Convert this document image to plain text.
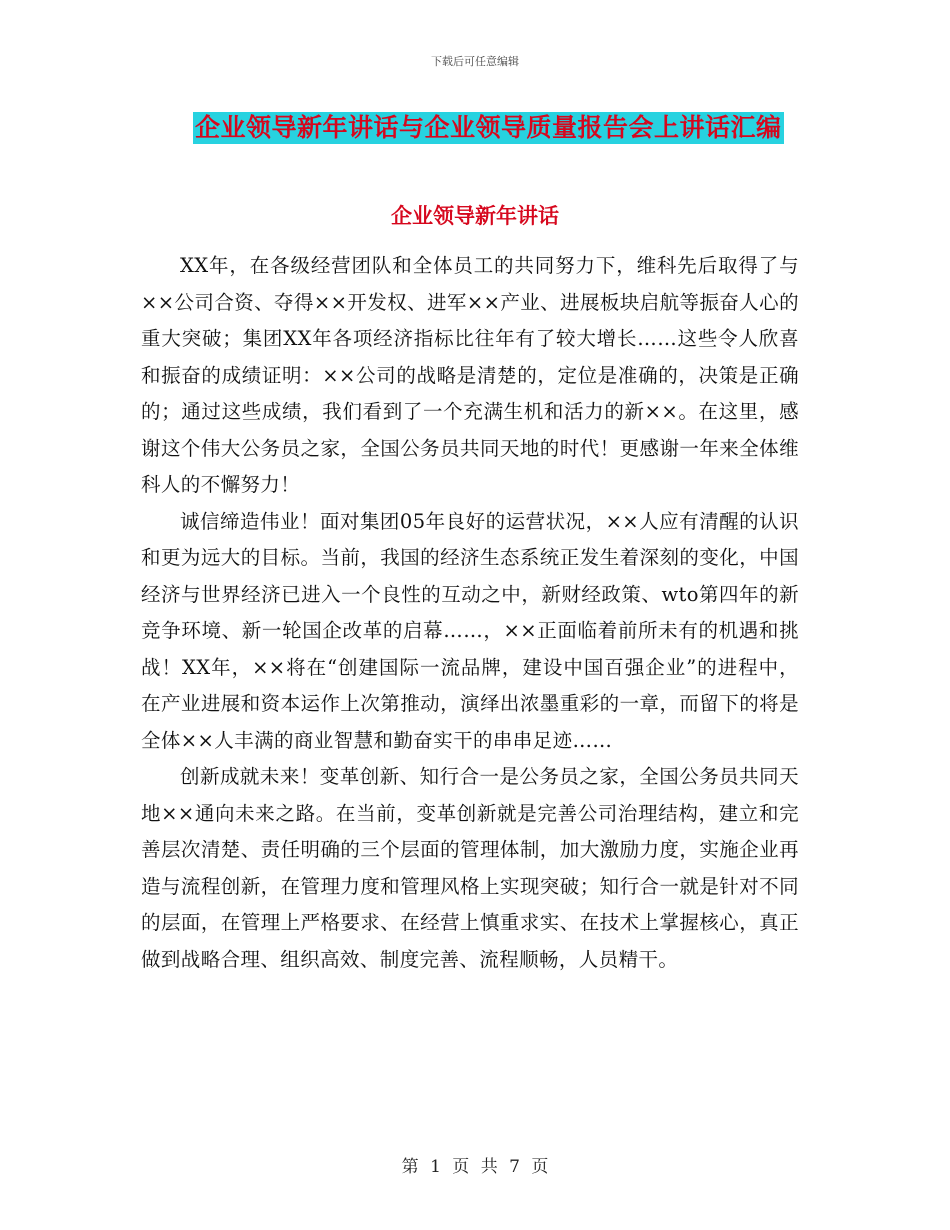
下载后可任意编辑
企业领导新年讲话与企业领导质量报告会上讲话汇编
企业领导新年讲话

XX年，在各级经营团队和全体员工的共同努力下，维科先后取得了与××公司合资、夺得××开发权、进军××产业、进展板块启航等振奋人心的重大突破；集团XX年各项经济指标比往年有了较大增长……这些令人欣喜和振奋的成绩证明：××公司的战略是清楚的，定位是准确的，决策是正确的；通过这些成绩，我们看到了一个充满生机和活力的新××。在这里，感谢这个伟大公务员之家，全国公务员共同天地的时代！更感谢一年来全体维科人的不懈努力！

诚信缔造伟业！面对集团05年良好的运营状况，××人应有清醒的认识和更为远大的目标。当前，我国的经济生态系统正发生着深刻的变化，中国经济与世界经济已进入一个良性的互动之中，新财经政策、wto第四年的新竞争环境、新一轮国企改革的启幕……，××正面临着前所未有的机遇和挑战！XX年，××将在“创建国际一流品牌，建设中国百强企业”的进程中，在产业进展和资本运作上次第推动，演绎出浓墨重彩的一章，而留下的将是全体××人丰满的商业智慧和勤奋实干的串串足迹……

创新成就未来！变革创新、知行合一是公务员之家，全国公务员共同天地××通向未来之路。在当前，变革创新就是完善公司治理结构，建立和完善层次清楚、责任明确的三个层面的管理体制，加大激励力度，实施企业再造与流程创新，在管理力度和管理风格上实现突破；知行合一就是针对不同的层面，在管理上严格要求、在经营上慎重求实、在技术上掌握核心，真正做到战略合理、组织高效、制度完善、流程顺畅，人员精干。

第 1 页 共 7 页
